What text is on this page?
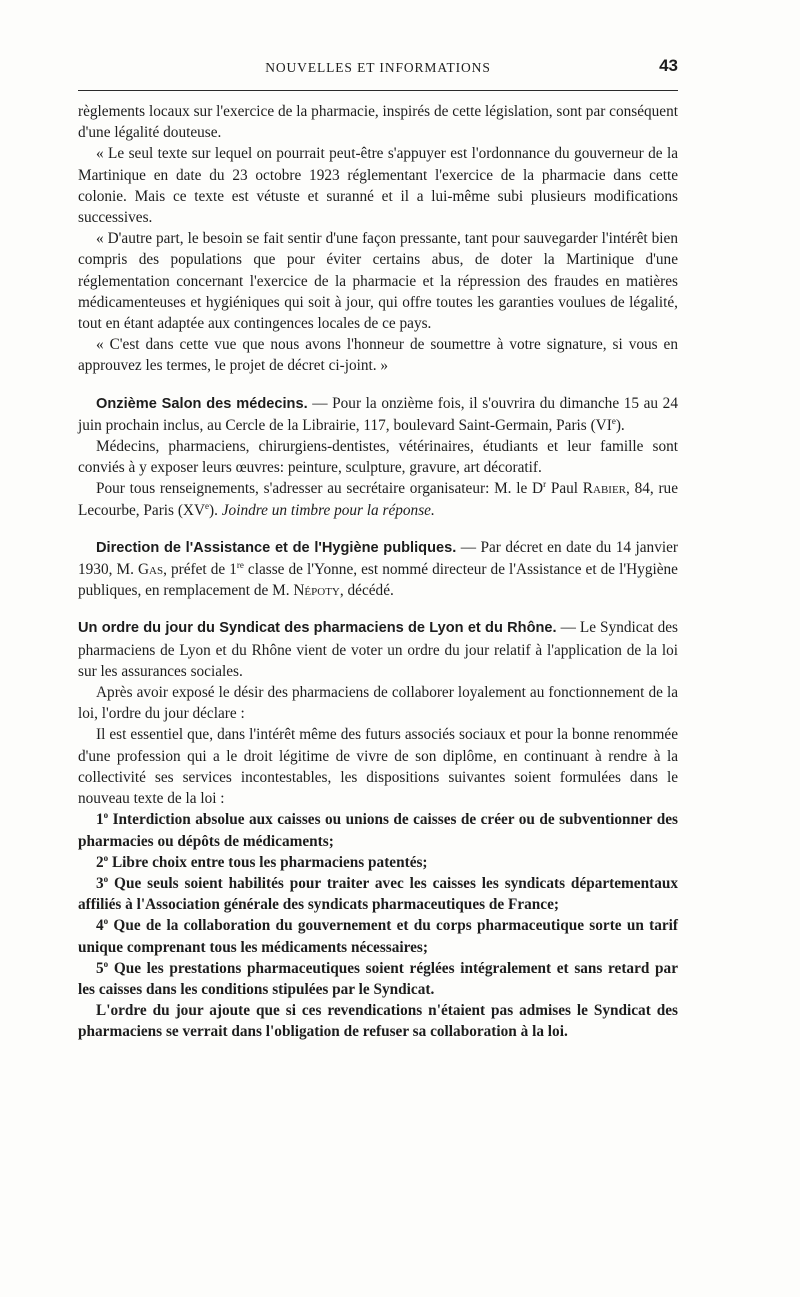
NOUVELLES ET INFORMATIONS	43

règlements locaux sur l'exercice de la pharmacie, inspirés de cette législation, sont par conséquent d'une légalité douteuse.

« Le seul texte sur lequel on pourrait peut-être s'appuyer est l'ordonnance du gouverneur de la Martinique en date du 23 octobre 1923 réglementant l'exercice de la pharmacie dans cette colonie. Mais ce texte est vétuste et suranné et il a lui-même subi plusieurs modifications successives.

« D'autre part, le besoin se fait sentir d'une façon pressante, tant pour sauvegarder l'intérêt bien compris des populations que pour éviter certains abus, de doter la Martinique d'une réglementation concernant l'exercice de la pharmacie et la répression des fraudes en matières médicamenteuses et hygiéniques qui soit à jour, qui offre toutes les garanties voulues de légalité, tout en étant adaptée aux contingences locales de ce pays.

« C'est dans cette vue que nous avons l'honneur de soumettre à votre signature, si vous en approuvez les termes, le projet de décret ci-joint. »

Onzième Salon des médecins. — Pour la onzième fois, il s'ouvrira du dimanche 15 au 24 juin prochain inclus, au Cercle de la Librairie, 117, boulevard Saint-Germain, Paris (VIe).

Médecins, pharmaciens, chirurgiens-dentistes, vétérinaires, étudiants et leur famille sont conviés à y exposer leurs œuvres: peinture, sculpture, gravure, art décoratif.

Pour tous renseignements, s'adresser au secrétaire organisateur: M. le $D^r$ Paul Rabier, 84, rue Lecourbe, Paris (XVe). Joindre un timbre pour la réponse.

Direction de l'Assistance et de l'Hygiène publiques. — Par décret en date du 14 janvier 1930, M. Gas, préfet de 1re classe de l'Yonne, est nommé directeur de l'Assistance et de l'Hygiène publiques, en remplacement de M. Népoty, décédé.

Un ordre du jour du Syndicat des pharmaciens de Lyon et du Rhône. — Le Syndicat des pharmaciens de Lyon et du Rhône vient de voter un ordre du jour relatif à l'application de la loi sur les assurances sociales.

Après avoir exposé le désir des pharmaciens de collaborer loyalement au fonctionnement de la loi, l'ordre du jour déclare :

Il est essentiel que, dans l'intérêt même des futurs associés sociaux et pour la bonne renommée d'une profession qui a le droit légitime de vivre de son diplôme, en continuant à rendre à la collectivité ses services incontestables, les dispositions suivantes soient formulées dans le nouveau texte de la loi :

1$^o$ Interdiction absolue aux caisses ou unions de caisses de créer ou de subventionner des pharmacies ou dépôts de médicaments;

2$^o$ Libre choix entre tous les pharmaciens patentés;

3$^o$ Que seuls soient habilités pour traiter avec les caisses les syndicats départementaux affiliés à l'Association générale des syndicats pharmaceutiques de France;

4$^o$ Que de la collaboration du gouvernement et du corps pharmaceutique sorte un tarif unique comprenant tous les médicaments nécessaires;

5$^o$ Que les prestations pharmaceutiques soient réglées intégralement et sans retard par les caisses dans les conditions stipulées par le Syndicat.

L'ordre du jour ajoute que si ces revendications n'étaient pas admises le Syndicat des pharmaciens se verrait dans l'obligation de refuser sa collaboration à la loi.
